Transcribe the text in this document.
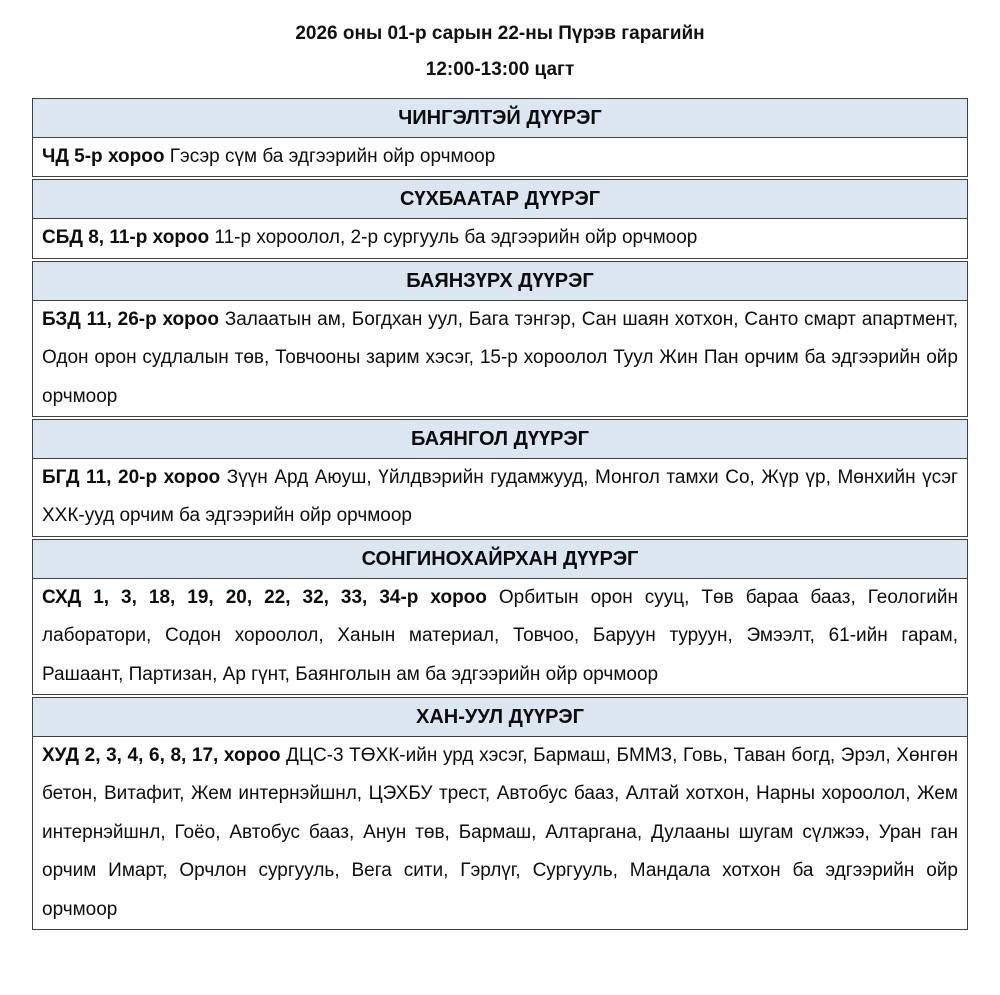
2026 оны 01-р сарын 22-ны Пүрэв гарагийн
12:00-13:00 цагт
ЧИНГЭЛТЭЙ ДҮҮРЭГ

ЧД 5-р хороо Гэсэр сүм ба эдгээрийн ойр орчмоор

СҮХБААТАР ДҮҮРЭГ

СБД 8, 11-р хороо 11-р хороолол, 2-р сургууль ба эдгээрийн ойр орчмоор

БАЯНЗҮРХ ДҮҮРЭГ

БЗД 11, 26-р хороо Залаатын ам, Богдхан уул, Бага тэнгэр, Сан шаян хотхон, Санто смарт апартмент, Одон орон судлалын төв, Товчооны зарим хэсэг, 15-р хороолол Туул Жин Пан орчим ба эдгээрийн ойр орчмоор

БАЯНГОЛ ДҮҮРЭГ

БГД 11, 20-р хороо Зүүн Ард Аюуш, Үйлдвэрийн гудамжууд, Монгол тамхи Со, Жүр үр, Мөнхийн үсэг ХХК-ууд орчим ба эдгээрийн ойр орчмоор

СОНГИНОХАЙРХАН ДҮҮРЭГ

СХД 1, 3, 18, 19, 20, 22, 32, 33, 34-р хороо Орбитын орон сууц, Төв бараа бааз, Геологийн лаборатори, Содон хороолол, Ханын материал, Товчоо, Баруун туруун, Эмээлт, 61-ийн гарам, Рашаант, Партизан, Ар гүнт, Баянголын ам ба эдгээрийн ойр орчмоор

ХАН-УУЛ ДҮҮРЭГ

ХУД 2, 3, 4, 6, 8, 17, хороо ДЦС-3 ТӨХК-ийн урд хэсэг, Бармаш, БММЗ, Говь, Таван богд, Эрэл, Хөнгөн бетон, Витафит, Жем интернэйшнл, ЦЭХБУ трест, Автобус бааз, Алтай хотхон, Нарны хороолол, Жем интернэйшнл, Гоёо, Автобус бааз, Анун төв, Бармаш, Алтаргана, Дулааны шугам сүлжээ, Уран ган орчим Имарт, Орчлон сургууль, Вега сити, Гэрлүг, Сургууль, Мандала хотхон ба эдгээрийн ойр орчмоор
